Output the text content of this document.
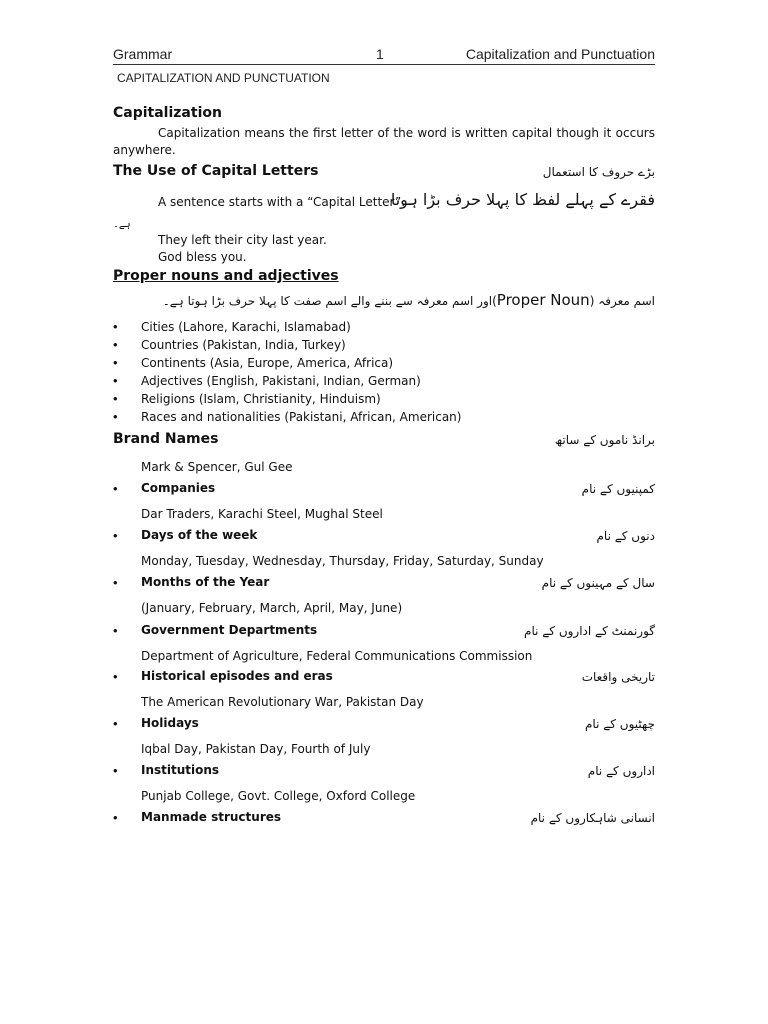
Grammar	1	Capitalization and Punctuation
CAPITALIZATION AND PUNCTUATION
Capitalization
Capitalization means the first letter of the word is written capital though it occurs
anywhere.
The Use of Capital Letters	بڑے حروف کا استعمال
A sentence starts with a “Capital Letter”.
فقرے کے پہلے لفظ کا پہلا حرف بڑا ہوتا
ہے۔
They left their city last year.
God bless you.
Proper nouns and adjectives
اسم معرفہ (Proper Noun)اور اسم معرفہ سے بننے والے اسم صفت کا پہلا حرف بڑا ہوتا ہے۔
• Cities (Lahore, Karachi, Islamabad)
• Countries (Pakistan, India, Turkey)
• Continents (Asia, Europe, America, Africa)
• Adjectives (English, Pakistani, Indian, German)
• Religions (Islam, Christianity, Hinduism)
• Races and nationalities (Pakistani, African, American)
Brand Names	برانڈ ناموں کے ساتھ
Mark & Spencer, Gul Gee
• Companies	کمپنیوں کے نام
Dar Traders, Karachi Steel, Mughal Steel
• Days of the week	دنوں کے نام
Monday, Tuesday, Wednesday, Thursday, Friday, Saturday, Sunday
• Months of the Year	سال کے مہینوں کے نام
(January, February, March, April, May, June)
• Government Departments	گورنمنٹ کے اداروں کے نام
Department of Agriculture, Federal Communications Commission
• Historical episodes and eras	تاریخی واقعات
The American Revolutionary War, Pakistan Day
• Holidays	چھٹیوں کے نام
Iqbal Day, Pakistan Day, Fourth of July
• Institutions	اداروں کے نام
Punjab College, Govt. College, Oxford College
• Manmade structures	انسانی شاہکاروں کے نام
